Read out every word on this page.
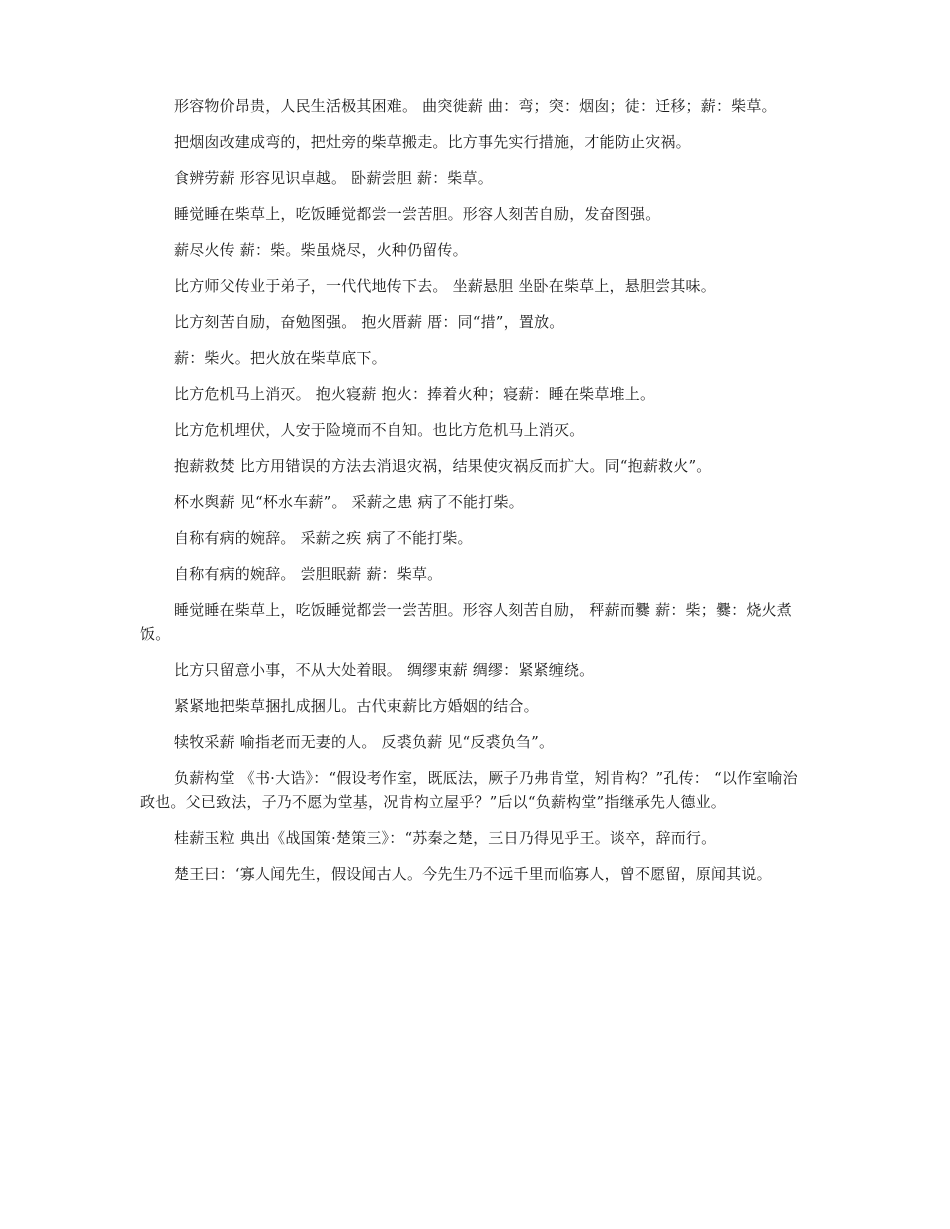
形容物价昂贵，人民生活极其困难。 曲突徙薪 曲：弯；突：烟囱；徒：迁移；薪：柴草。

把烟囱改建成弯的，把灶旁的柴草搬走。比方事先实行措施，才能防止灾祸。

食辨劳薪 形容见识卓越。 卧薪尝胆 薪：柴草。

睡觉睡在柴草上，吃饭睡觉都尝一尝苦胆。形容人刻苦自励，发奋图强。

薪尽火传 薪：柴。柴虽烧尽，火种仍留传。

比方师父传业于弟子，一代代地传下去。 坐薪悬胆 坐卧在柴草上，悬胆尝其味。

比方刻苦自励，奋勉图强。 抱火厝薪 厝：同“措”，置放。

薪：柴火。把火放在柴草底下。

比方危机马上消灭。 抱火寝薪 抱火：捧着火种；寝薪：睡在柴草堆上。

比方危机埋伏，人安于险境而不自知。也比方危机马上消灭。

抱薪救焚 比方用错误的方法去消退灾祸，结果使灾祸反而扩大。同“抱薪救火”。

杯水舆薪 见“杯水车薪”。 采薪之患 病了不能打柴。

自称有病的婉辞。 采薪之疾 病了不能打柴。

自称有病的婉辞。 尝胆眠薪 薪：柴草。

睡觉睡在柴草上，吃饭睡觉都尝一尝苦胆。形容人刻苦自励， 秤薪而爨 薪：柴；爨：烧火煮饭。

比方只留意小事，不从大处着眼。 绸缪束薪 绸缪：紧紧缠绕。

紧紧地把柴草捆扎成捆儿。古代束薪比方婚姻的结合。

犊牧采薪 喻指老而无妻的人。 反裘负薪 见“反裘负刍”。

负薪构堂 《书·大诰》：“假设考作室，既厎法，厥子乃弗肯堂，矧肯构？”孔传： “以作室喻治政也。父已致法，子乃不愿为堂基，况肯构立屋乎？”后以“负薪构堂”指继承先人德业。

桂薪玉粒 典出《战国策·楚策三》：“苏秦之楚，三日乃得见乎王。谈卒，辞而行。

楚王曰：‘寡人闻先生，假设闻古人。今先生乃不远千里而临寡人，曾不愿留，原闻其说。
